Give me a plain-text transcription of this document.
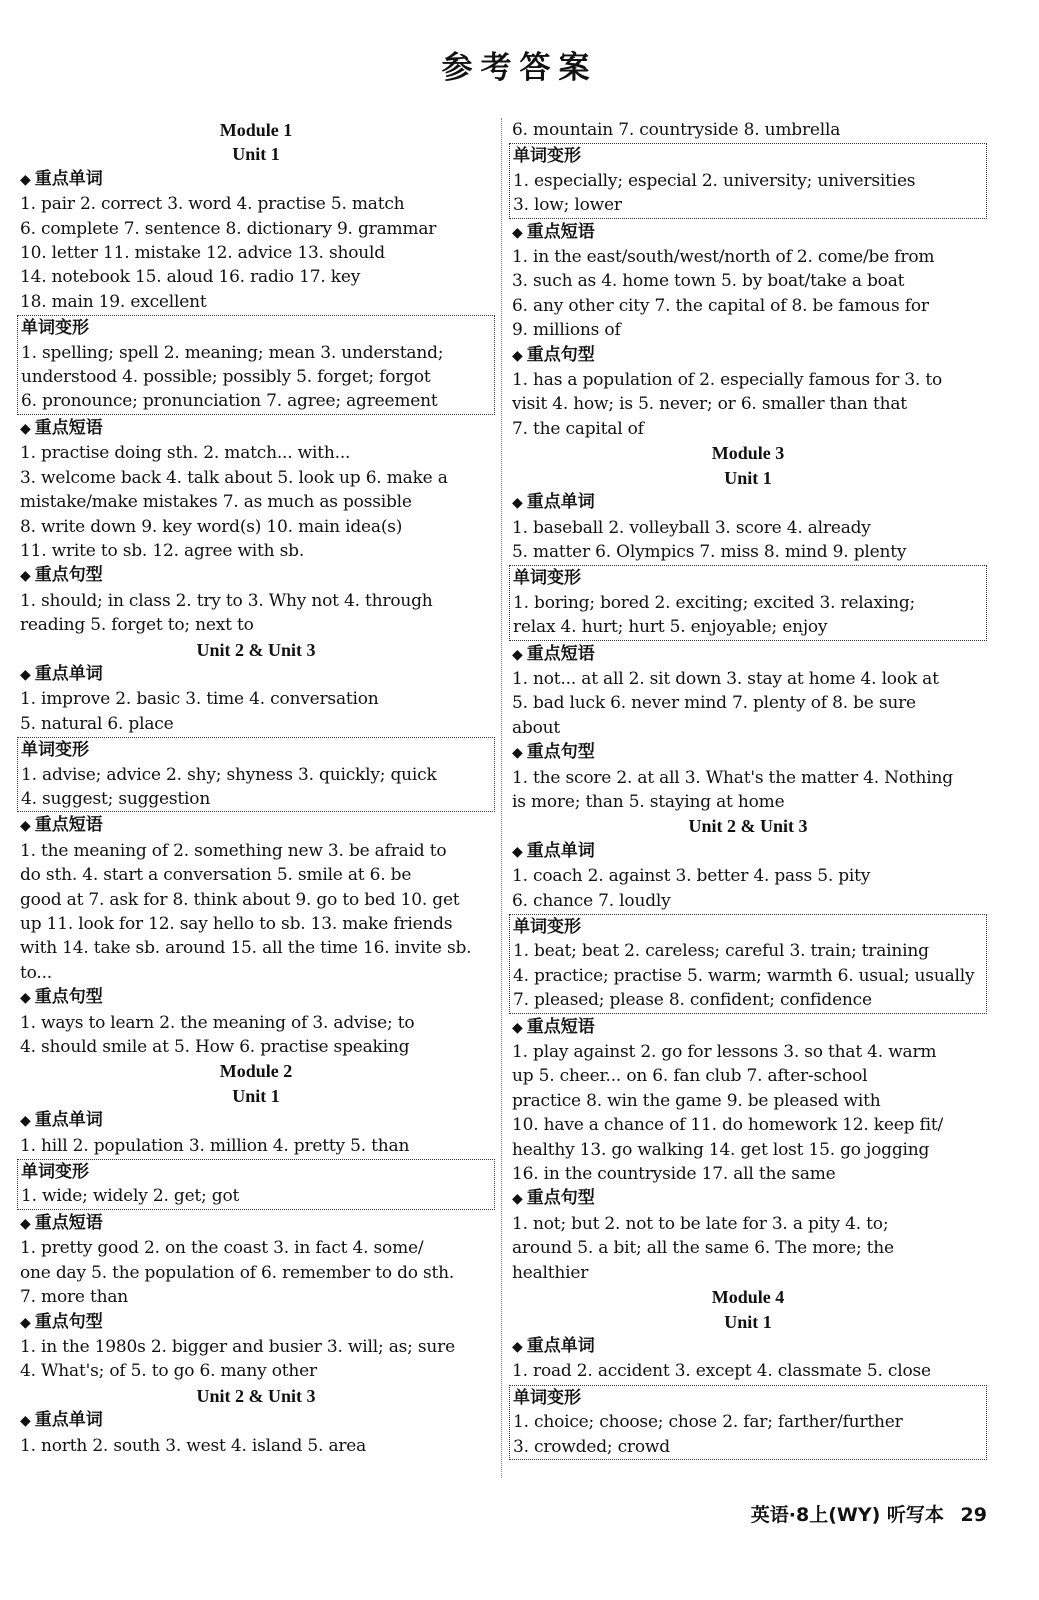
参考答案
Module 1
Unit 1
◆ 重点单词
1. pair 2. correct 3. word 4. practise 5. match
6. complete 7. sentence 8. dictionary 9. grammar
10. letter 11. mistake 12. advice 13. should
14. notebook 15. aloud 16. radio 17. key
18. main 19. excellent
单词变形
1. spelling; spell 2. meaning; mean 3. understand;
understood 4. possible; possibly 5. forget; forgot
6. pronounce; pronunciation 7. agree; agreement
◆ 重点短语
1. practise doing sth. 2. match... with...
3. welcome back 4. talk about 5. look up 6. make a
mistake/make mistakes 7. as much as possible
8. write down 9. key word(s) 10. main idea(s)
11. write to sb. 12. agree with sb.
◆ 重点句型
1. should; in class 2. try to 3. Why not 4. through
reading 5. forget to; next to
Unit 2 & Unit 3
◆ 重点单词
1. improve 2. basic 3. time 4. conversation
5. natural 6. place
单词变形
1. advise; advice 2. shy; shyness 3. quickly; quick
4. suggest; suggestion
◆ 重点短语
1. the meaning of 2. something new 3. be afraid to
do sth. 4. start a conversation 5. smile at 6. be
good at 7. ask for 8. think about 9. go to bed 10. get
up 11. look for 12. say hello to sb. 13. make friends
with 14. take sb. around 15. all the time 16. invite sb.
to...
◆ 重点句型
1. ways to learn 2. the meaning of 3. advise; to
4. should smile at 5. How 6. practise speaking
Module 2
Unit 1
◆ 重点单词
1. hill 2. population 3. million 4. pretty 5. than
单词变形
1. wide; widely 2. get; got
◆ 重点短语
1. pretty good 2. on the coast 3. in fact 4. some/
one day 5. the population of 6. remember to do sth.
7. more than
◆ 重点句型
1. in the 1980s 2. bigger and busier 3. will; as; sure
4. What's; of 5. to go 6. many other
Unit 2 & Unit 3
◆ 重点单词
1. north 2. south 3. west 4. island 5. area
6. mountain 7. countryside 8. umbrella
单词变形
1. especially; especial 2. university; universities
3. low; lower
◆ 重点短语
1. in the east/south/west/north of 2. come/be from
3. such as 4. home town 5. by boat/take a boat
6. any other city 7. the capital of 8. be famous for
9. millions of
◆ 重点句型
1. has a population of 2. especially famous for 3. to
visit 4. how; is 5. never; or 6. smaller than that
7. the capital of
Module 3
Unit 1
◆ 重点单词
1. baseball 2. volleyball 3. score 4. already
5. matter 6. Olympics 7. miss 8. mind 9. plenty
单词变形
1. boring; bored 2. exciting; excited 3. relaxing;
relax 4. hurt; hurt 5. enjoyable; enjoy
◆ 重点短语
1. not... at all 2. sit down 3. stay at home 4. look at
5. bad luck 6. never mind 7. plenty of 8. be sure
about
◆ 重点句型
1. the score 2. at all 3. What's the matter 4. Nothing
is more; than 5. staying at home
Unit 2 & Unit 3
◆ 重点单词
1. coach 2. against 3. better 4. pass 5. pity
6. chance 7. loudly
单词变形
1. beat; beat 2. careless; careful 3. train; training
4. practice; practise 5. warm; warmth 6. usual; usually
7. pleased; please 8. confident; confidence
◆ 重点短语
1. play against 2. go for lessons 3. so that 4. warm
up 5. cheer... on 6. fan club 7. after-school
practice 8. win the game 9. be pleased with
10. have a chance of 11. do homework 12. keep fit/
healthy 13. go walking 14. get lost 15. go jogging
16. in the countryside 17. all the same
◆ 重点句型
1. not; but 2. not to be late for 3. a pity 4. to;
around 5. a bit; all the same 6. The more; the
healthier
Module 4
Unit 1
◆ 重点单词
1. road 2. accident 3. except 4. classmate 5. close
单词变形
1. choice; choose; chose 2. far; farther/further
3. crowded; crowd
英语·8上(WY) 听写本 29
